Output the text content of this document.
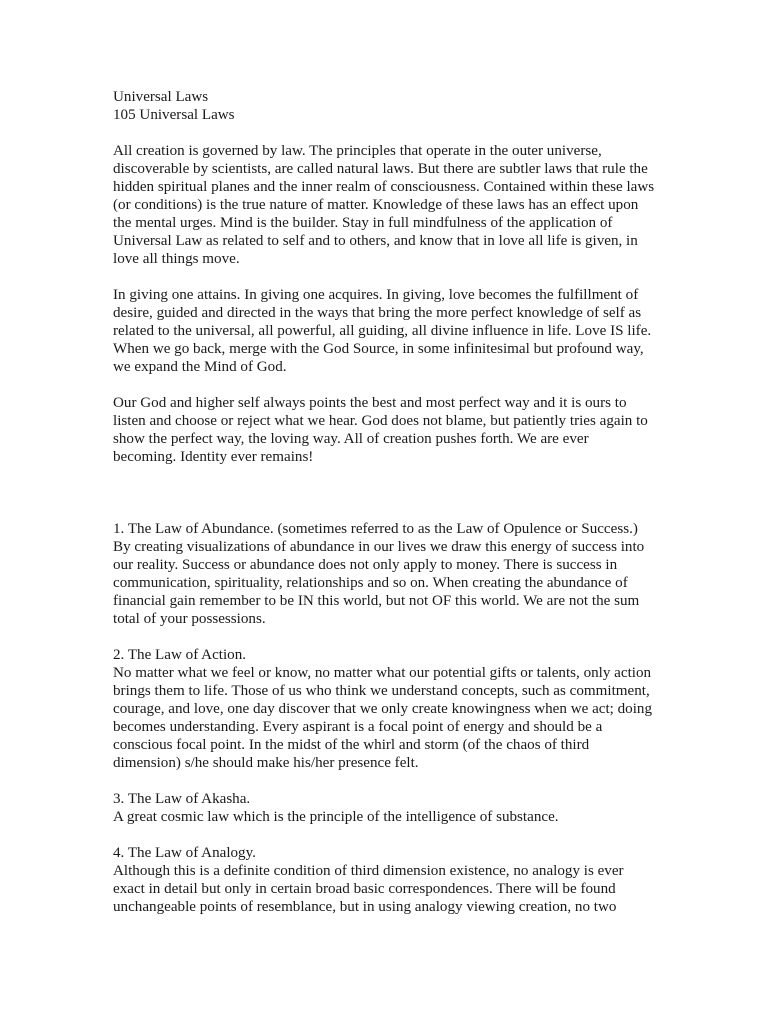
Universal Laws
105 Universal Laws
All creation is governed by law. The principles that operate in the outer universe,
discoverable by scientists, are called natural laws. But there are subtler laws that rule the
hidden spiritual planes and the inner realm of consciousness. Contained within these laws
(or conditions) is the true nature of matter. Knowledge of these laws has an effect upon
the mental urges. Mind is the builder. Stay in full mindfulness of the application of
Universal Law as related to self and to others, and know that in love all life is given, in
love all things move.
In giving one attains. In giving one acquires. In giving, love becomes the fulfillment of
desire, guided and directed in the ways that bring the more perfect knowledge of self as
related to the universal, all powerful, all guiding, all divine influence in life. Love IS life.
When we go back, merge with the God Source, in some infinitesimal but profound way,
we expand the Mind of God.
Our God and higher self always points the best and most perfect way and it is ours to
listen and choose or reject what we hear. God does not blame, but patiently tries again to
show the perfect way, the loving way. All of creation pushes forth. We are ever
becoming. Identity ever remains!
1. The Law of Abundance. (sometimes referred to as the Law of Opulence or Success.)
By creating visualizations of abundance in our lives we draw this energy of success into
our reality. Success or abundance does not only apply to money. There is success in
communication, spirituality, relationships and so on. When creating the abundance of
financial gain remember to be IN this world, but not OF this world. We are not the sum
total of your possessions.
2. The Law of Action.
No matter what we feel or know, no matter what our potential gifts or talents, only action
brings them to life. Those of us who think we understand concepts, such as commitment,
courage, and love, one day discover that we only create knowingness when we act; doing
becomes understanding. Every aspirant is a focal point of energy and should be a
conscious focal point. In the midst of the whirl and storm (of the chaos of third
dimension) s/he should make his/her presence felt.
3. The Law of Akasha.
A great cosmic law which is the principle of the intelligence of substance.
4. The Law of Analogy.
Although this is a definite condition of third dimension existence, no analogy is ever
exact in detail but only in certain broad basic correspondences. There will be found
unchangeable points of resemblance, but in using analogy viewing creation, no two
